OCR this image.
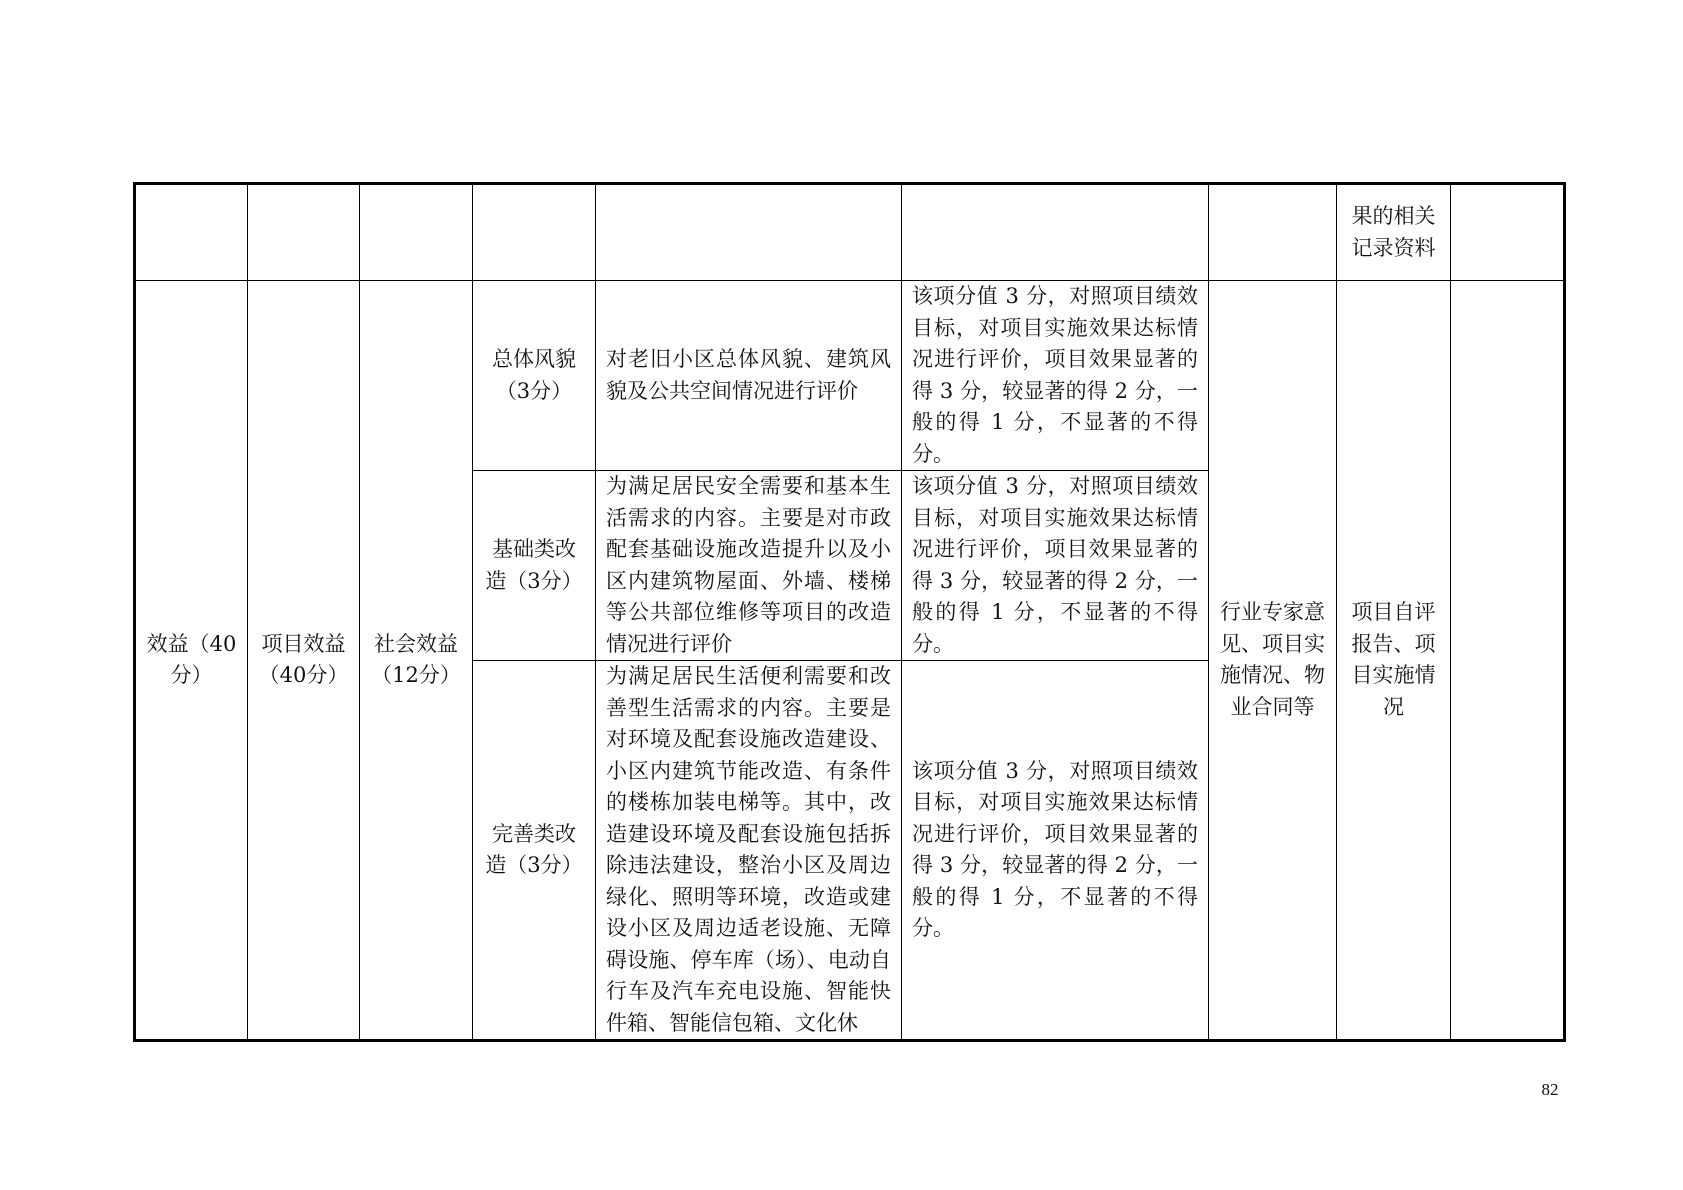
							果的相关记录资料	
效益（40分）	项目效益（40分）	社会效益（12分）	总体风貌（3分）	对老旧小区总体风貌、建筑风貌及公共空间情况进行评价	该项分值 3 分，对照项目绩效目标，对项目实施效果达标情况进行评价，项目效果显著的得 3 分，较显著的得 2 分，一般的得 1 分，不显著的不得分。	行业专家意见、项目实施情况、物业合同等	项目自评报告、项目实施情况	
			基础类改造（3分）	为满足居民安全需要和基本生活需求的内容。主要是对市政配套基础设施改造提升以及小区内建筑物屋面、外墙、楼梯等公共部位维修等项目的改造情况进行评价	该项分值 3 分，对照项目绩效目标，对项目实施效果达标情况进行评价，项目效果显著的得 3 分，较显著的得 2 分，一般的得 1 分，不显著的不得分。			
			完善类改造（3分）	为满足居民生活便利需要和改善型生活需求的内容。主要是对环境及配套设施改造建设、小区内建筑节能改造、有条件的楼栋加装电梯等。其中，改造建设环境及配套设施包括拆除违法建设，整治小区及周边绿化、照明等环境，改造或建设小区及周边适老设施、无障碍设施、停车库（场）、电动自行车及汽车充电设施、智能快件箱、智能信包箱、文化休	该项分值 3 分，对照项目绩效目标，对项目实施效果达标情况进行评价，项目效果显著的得 3 分，较显著的得 2 分，一般的得 1 分，不显著的不得分。			
82
